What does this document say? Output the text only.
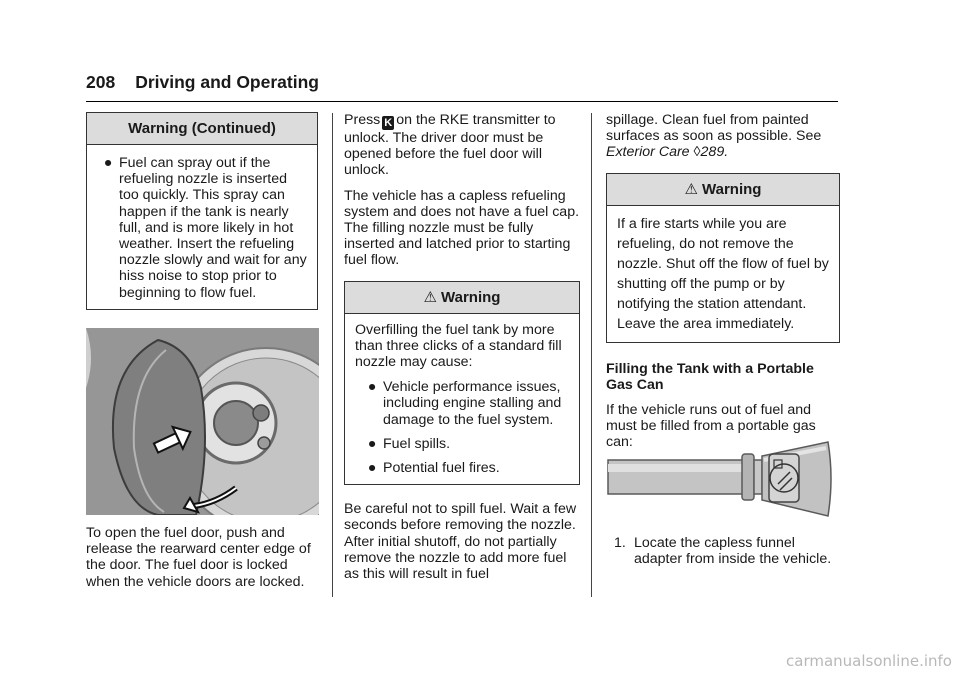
208 Driving and Operating
Warning (Continued)
● Fuel can spray out if the refueling nozzle is inserted too quickly. This spray can happen if the tank is nearly full, and is more likely in hot weather. Insert the refueling nozzle slowly and wait for any hiss noise to stop prior to beginning to flow fuel.

To open the fuel door, push and release the rearward center edge of the door. The fuel door is locked when the vehicle doors are locked.

Press K on the RKE transmitter to unlock. The driver door must be opened before the fuel door will unlock.

The vehicle has a capless refueling system and does not have a fuel cap. The filling nozzle must be fully inserted and latched prior to starting fuel flow.

⚠ Warning

Overfilling the fuel tank by more than three clicks of a standard fill nozzle may cause:

● Vehicle performance issues, including engine stalling and damage to the fuel system.
● Fuel spills.
● Potential fuel fires.

Be careful not to spill fuel. Wait a few seconds before removing the nozzle. After initial shutoff, do not partially remove the nozzle to add more fuel as this will result in fuel

spillage. Clean fuel from painted surfaces as soon as possible. See
Exterior Care ◊289.

⚠ Warning
If a fire starts while you are refueling, do not remove the nozzle. Shut off the flow of fuel by shutting off the pump or by notifying the station attendant. Leave the area immediately.

Filling the Tank with a Portable Gas Can

If the vehicle runs out of fuel and must be filled from a portable gas can:

1. Locate the capless funnel adapter from inside the vehicle.
carmanualsonline.info
